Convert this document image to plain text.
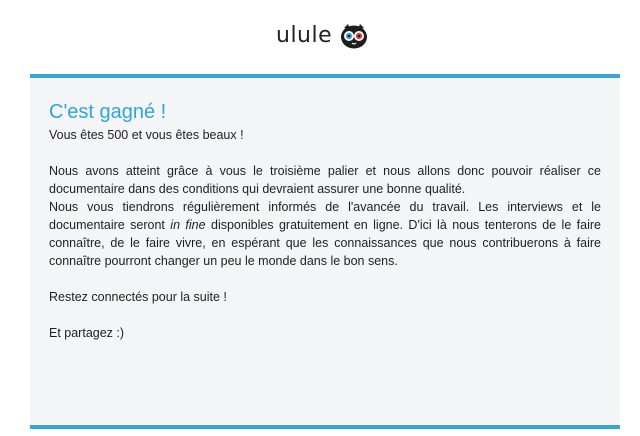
ulule
C'est gagné !

Vous êtes 500 et vous êtes beaux !

Nous avons atteint grâce à vous le troisième palier et nous allons donc pouvoir réaliser ce documentaire dans des conditions qui devraient assurer une bonne qualité.
Nous vous tiendrons régulièrement informés de l'avancée du travail. Les interviews et le documentaire seront in fine disponibles gratuitement en ligne. D'ici là nous tenterons de le faire connaître, de le faire vivre, en espérant que les connaissances que nous contribuerons à faire connaître pourront changer un peu le monde dans le bon sens.

Restez connectés pour la suite !

Et partagez :)
